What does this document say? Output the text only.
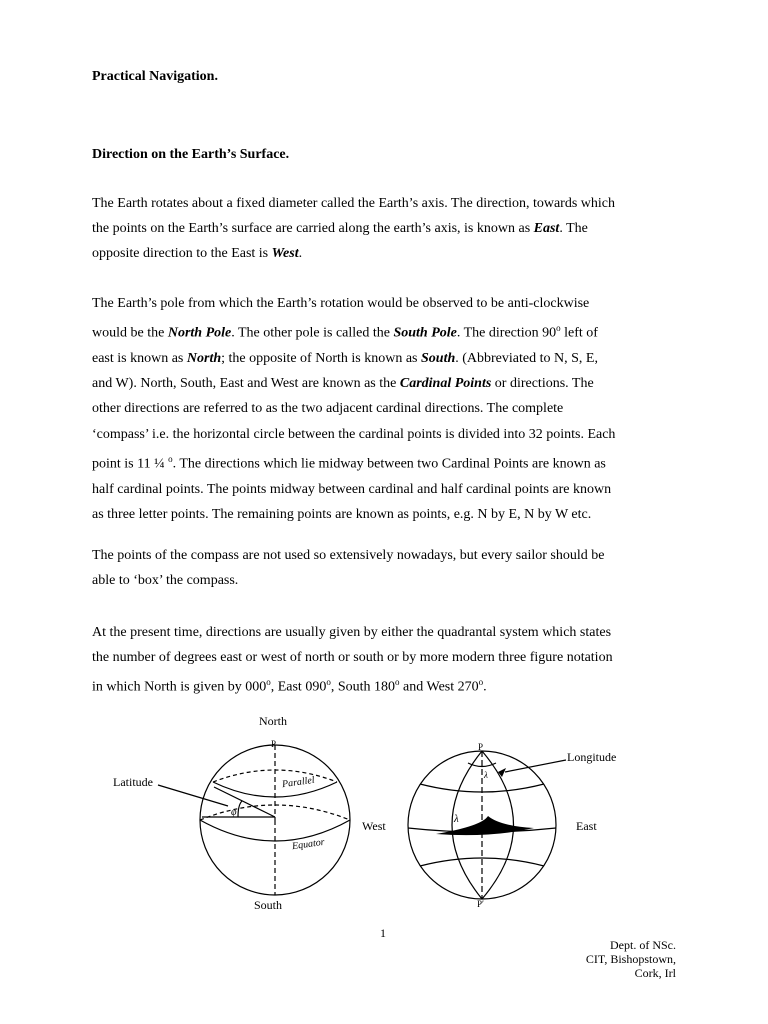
Practical Navigation.
Direction on the Earth’s Surface.

The Earth rotates about a fixed diameter called the Earth’s axis. The direction, towards which

the points on the Earth’s surface are carried along the earth’s axis, is known as East. The

opposite direction to the East is West.

The Earth’s pole from which the Earth’s rotation would be observed to be anti-clockwise

would be the North Pole. The other pole is called the South Pole. The direction 90$^o$ left of

east is known as North; the opposite of North is known as South. (Abbreviated to N, S, E,

and W). North, South, East and West are known as the Cardinal Points or directions. The

other directions are referred to as the two adjacent cardinal directions. The complete

‘compass’ i.e. the horizontal circle between the cardinal points is divided into 32 points. Each

point is 11 ¼ $^o$. The directions which lie midway between two Cardinal Points are known as

half cardinal points. The points midway between cardinal and half cardinal points are known

as three letter points. The remaining points are known as points, e.g. N by E, N by W etc.

The points of the compass are not used so extensively nowadays, but every sailor should be

able to ‘box’ the compass.

At the present time, directions are usually given by either the quadrantal system which states

the number of degrees east or west of north or south or by more modern three figure notation

in which North is given by 000$^o$, East 090$^o$, South 180$^o$ and West 270$^o$.

North
South
Latitude	Parallel
Equator
P
φ
West	East
Longitude
P
λ
λ
P′
1
Dept. of NSc.
CIT, Bishopstown,
Cork, Irl
